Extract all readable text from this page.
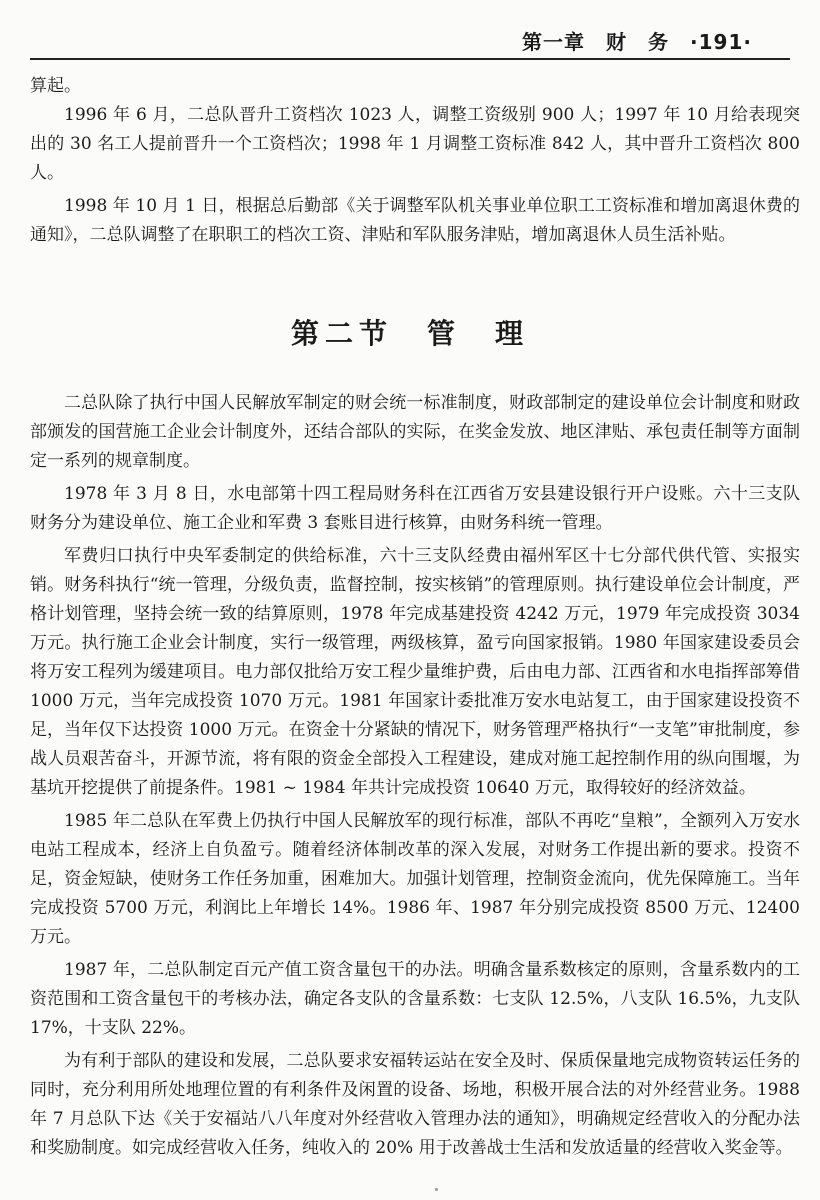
第一章　财　务　·191·

算起。

1996 年 6 月，二总队晋升工资档次 1023 人，调整工资级别 900 人；1997 年 10 月给表现突出的 30 名工人提前晋升一个工资档次；1998 年 1 月调整工资标准 842 人，其中晋升工资档次 800 人。

1998 年 10 月 1 日，根据总后勤部《关于调整军队机关事业单位职工工资标准和增加离退休费的通知》，二总队调整了在职职工的档次工资、津贴和军队服务津贴，增加离退休人员生活补贴。

第二节　管　理

二总队除了执行中国人民解放军制定的财会统一标准制度，财政部制定的建设单位会计制度和财政部颁发的国营施工企业会计制度外，还结合部队的实际，在奖金发放、地区津贴、承包责任制等方面制定一系列的规章制度。

1978 年 3 月 8 日，水电部第十四工程局财务科在江西省万安县建设银行开户设账。六十三支队财务分为建设单位、施工企业和军费 3 套账目进行核算，由财务科统一管理。

军费归口执行中央军委制定的供给标准，六十三支队经费由福州军区十七分部代供代管、实报实销。财务科执行“统一管理，分级负责，监督控制，按实核销”的管理原则。执行建设单位会计制度，严格计划管理，坚持会统一致的结算原则，1978 年完成基建投资 4242 万元，1979 年完成投资 3034 万元。执行施工企业会计制度，实行一级管理，两级核算，盈亏向国家报销。1980 年国家建设委员会将万安工程列为缓建项目。电力部仅批给万安工程少量维护费，后由电力部、江西省和水电指挥部筹借 1000 万元，当年完成投资 1070 万元。1981 年国家计委批准万安水电站复工，由于国家建设投资不足，当年仅下达投资 1000 万元。在资金十分紧缺的情况下，财务管理严格执行“一支笔”审批制度，参战人员艰苦奋斗，开源节流，将有限的资金全部投入工程建设，建成对施工起控制作用的纵向围堰，为基坑开挖提供了前提条件。1981 ~ 1984 年共计完成投资 10640 万元，取得较好的经济效益。

1985 年二总队在军费上仍执行中国人民解放军的现行标准，部队不再吃“皇粮”，全额列入万安水电站工程成本，经济上自负盈亏。随着经济体制改革的深入发展，对财务工作提出新的要求。投资不足，资金短缺，使财务工作任务加重，困难加大。加强计划管理，控制资金流向，优先保障施工。当年完成投资 5700 万元，利润比上年增长 14%。1986 年、1987 年分别完成投资 8500 万元、12400 万元。

1987 年，二总队制定百元产值工资含量包干的办法。明确含量系数核定的原则，含量系数内的工资范围和工资含量包干的考核办法，确定各支队的含量系数：七支队 12.5%，八支队 16.5%，九支队 17%，十支队 22%。

为有利于部队的建设和发展，二总队要求安福转运站在安全及时、保质保量地完成物资转运任务的同时，充分利用所处地理位置的有利条件及闲置的设备、场地，积极开展合法的对外经营业务。1988 年 7 月总队下达《关于安福站八八年度对外经营收入管理办法的通知》，明确规定经营收入的分配办法和奖励制度。如完成经营收入任务，纯收入的 20% 用于改善战士生活和发放适量的经营收入奖金等。
